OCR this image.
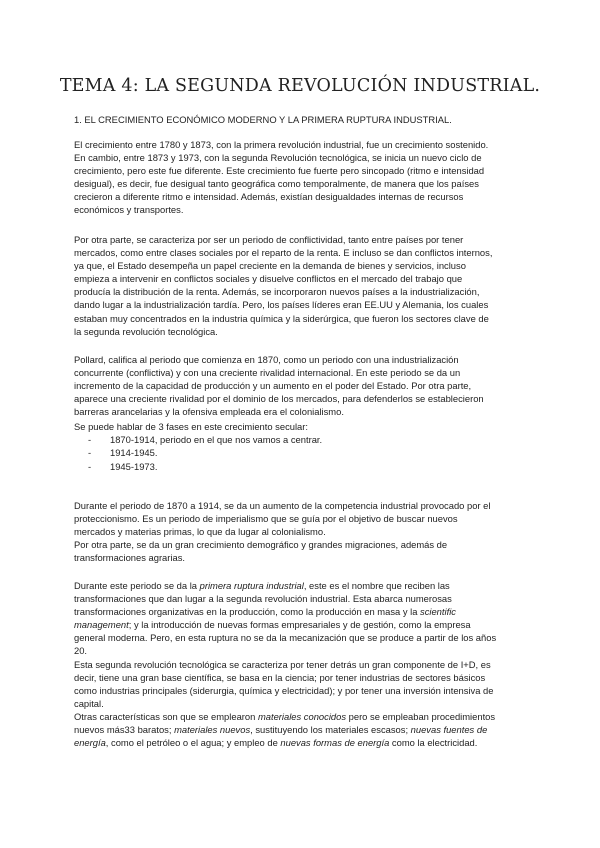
TEMA 4: LA SEGUNDA REVOLUCIÓN INDUSTRIAL.
1. EL CRECIMIENTO ECONÓMICO MODERNO Y LA PRIMERA RUPTURA INDUSTRIAL.
El crecimiento entre 1780 y 1873, con la primera revolución industrial, fue un crecimiento sostenido.
En cambio, entre 1873 y 1973, con la segunda Revolución tecnológica, se inicia un nuevo ciclo de
crecimiento, pero este fue diferente. Este crecimiento fue fuerte pero sincopado (ritmo e intensidad
desigual), es decir, fue desigual tanto geográfica como temporalmente, de manera que los países
crecieron a diferente ritmo e intensidad. Además, existían desigualdades internas de recursos
económicos y transportes.
Por otra parte, se caracteriza por ser un periodo de conflictividad, tanto entre países por tener
mercados, como entre clases sociales por el reparto de la renta. E incluso se dan conflictos internos,
ya que, el Estado desempeña un papel creciente en la demanda de bienes y servicios, incluso
empieza a intervenir en conflictos sociales y disuelve conflictos en el mercado del trabajo que
producía la distribución de la renta. Además, se incorporaron nuevos países a la industrialización,
dando lugar a la industrialización tardía. Pero, los países líderes eran EE.UU y Alemania, los cuales
estaban muy concentrados en la industria química y la siderúrgica, que fueron los sectores clave de
la segunda revolución tecnológica.
Pollard, califica al periodo que comienza en 1870, como un periodo con una industrialización
concurrente (conflictiva) y con una creciente rivalidad internacional. En este periodo se da un
incremento de la capacidad de producción y un aumento en el poder del Estado. Por otra parte,
aparece una creciente rivalidad por el dominio de los mercados, para defenderlos se establecieron
barreras arancelarias y la ofensiva empleada era el colonialismo.
Se puede hablar de 3 fases en este crecimiento secular:
- 1870-1914, periodo en el que nos vamos a centrar.
- 1914-1945.
- 1945-1973.
Durante el periodo de 1870 a 1914, se da un aumento de la competencia industrial provocado por el
proteccionismo. Es un periodo de imperialismo que se guía por el objetivo de buscar nuevos
mercados y materias primas, lo que da lugar al colonialismo.
Por otra parte, se da un gran crecimiento demográfico y grandes migraciones, además de
transformaciones agrarias.
Durante este periodo se da la primera ruptura industrial, este es el nombre que reciben las
transformaciones que dan lugar a la segunda revolución industrial. Esta abarca numerosas
transformaciones organizativas en la producción, como la producción en masa y la scientific
management; y la introducción de nuevas formas empresariales y de gestión, como la empresa
general moderna. Pero, en esta ruptura no se da la mecanización que se produce a partir de los años
20.
Esta segunda revolución tecnológica se caracteriza por tener detrás un gran componente de I+D, es
decir, tiene una gran base científica, se basa en la ciencia; por tener industrias de sectores básicos
como industrias principales (siderurgia, química y electricidad); y por tener una inversión intensiva de
capital.
Otras características son que se emplearon materiales conocidos pero se empleaban procedimientos
nuevos más33 baratos; materiales nuevos, sustituyendo los materiales escasos; nuevas fuentes de
energía, como el petróleo o el agua; y empleo de nuevas formas de energía como la electricidad.
